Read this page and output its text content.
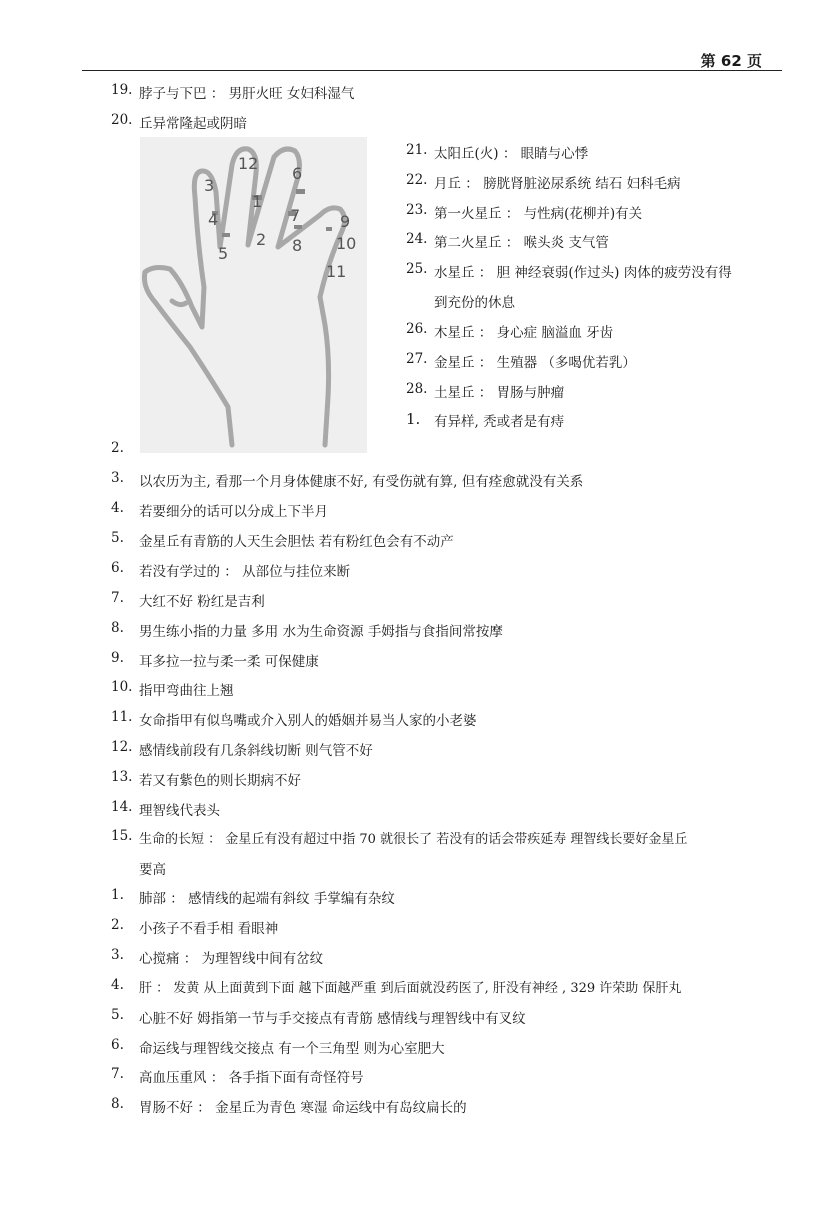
第 62 页
19. 脖子与下巴 ： 男肝火旺 女妇科湿气
20. 丘异常隆起或阴暗
12
6
3
1
7 9
4
2	10
8
5
11
21. 太阳丘(火) ： 眼睛与心悸
22. 月丘 ： 膀胱肾脏泌尿系统 结石 妇科毛病
23. 第一火星丘 ： 与性病(花柳并)有关
24. 第二火星丘 ： 喉头炎 支气管
25. 水星丘 ： 胆 神经衰弱(作过头) 肉体的疲劳没有得
到充份的休息
26. 木星丘 ： 身心症 脑溢血 牙齿
27. 金星丘 ： 生殖器 （多喝优若乳）
28. 土星丘 ： 胃肠与肿瘤
1. 有异样, 秃或者是有痔
2.
3. 以农历为主, 看那一个月身体健康不好, 有受伤就有算, 但有痊愈就没有关系
4. 若要细分的话可以分成上下半月
5. 金星丘有青筋的人天生会胆怯 若有粉红色会有不动产
6. 若没有学过的 ： 从部位与挂位来断
7. 大红不好 粉红是吉利
8. 男生练小指的力量 多用 水为生命资源 手姆指与食指间常按摩
9. 耳多拉一拉与柔一柔 可保健康
10. 指甲弯曲往上翘
11. 女命指甲有似鸟嘴或介入别人的婚姻并易当人家的小老婆
12. 感情线前段有几条斜线切断 则气管不好
13. 若又有紫色的则长期病不好
14. 理智线代表头
15. 生命的长短 ： 金星丘有没有超过中指 70 就很长了 若没有的话会带疾延寿 理智线长要好金星丘
要高
1. 肺部 ： 感情线的起端有斜纹 手掌编有杂纹
2. 小孩子不看手相 看眼神
3. 心搅痛 ： 为理智线中间有岔纹
4. 肝 ： 发黄 从上面黄到下面 越下面越严重 到后面就没药医了, 肝没有神经 , 329 许荣助 保肝丸
5. 心脏不好 姆指第一节与手交接点有青筋 感情线与理智线中有叉纹
6. 命运线与理智线交接点 有一个三角型 则为心室肥大
7. 高血压重风 ： 各手指下面有奇怪符号
8. 胃肠不好 ： 金星丘为青色 寒湿 命运线中有岛纹扁长的
